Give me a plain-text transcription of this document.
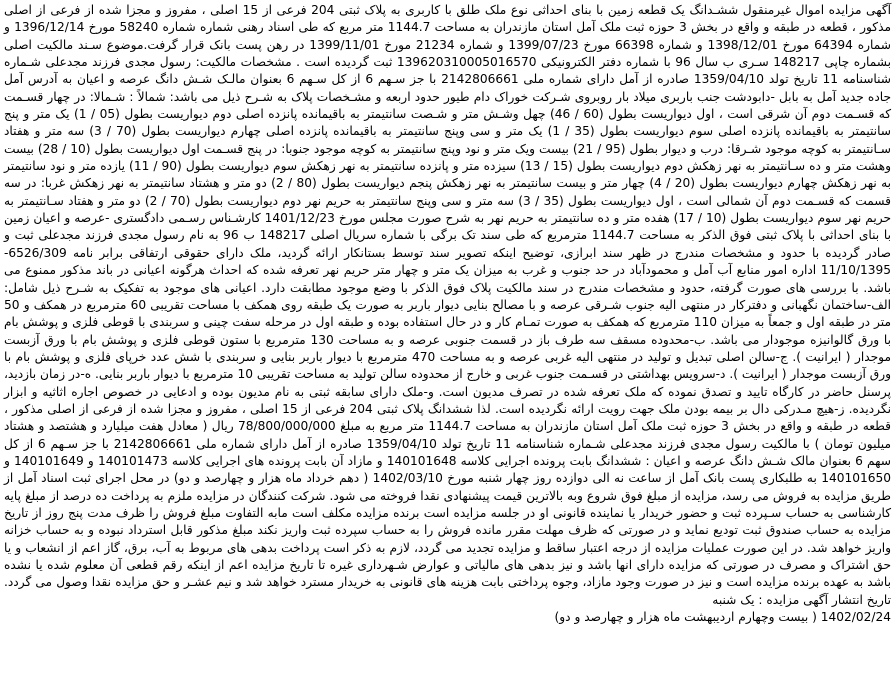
آگهی مزایده اموال غیرمنقول ششـدانگ یک قطعه زمین با بنای احداثی نوع ملک طلق با کاربری به پلاک ثبتی 204 فرعی از 15 اصلی ، مفروز و مجزا شده از فرعی از اصلی مذکور ، قطعه در طبقه و واقع در بخش 3 حوزه ثبت ملک آمل استان مازندران به مساحت 1144.7 متر مربع که طی اسناد رهنی شماره شماره 58240 مورخ 1396/12/14 و شماره 64394 مورخ 1398/12/01 و شماره 66398 مورخ 1399/07/23 و شماره 21234 مورخ 1399/11/01 در رهن پست بانک قرار گرفت.موضوع سـند مالکیت اصلی بشماره چاپی 148217 سـری ب سال 96 با شماره دفتر الکترونیکی 139620310005016570 ثبت گردیده است . مشخصات مالکیت: رسول مجدی فرزند مجدعلی شـماره شناسنامه 11 تاریخ تولد 1359/04/10 صادره از آمل دارای شماره ملی 2142806661 با جز سـهم 6 از کل سـهم 6 بعنوان مالـک شـش دانگ عرصه و اعیان به آدرس آمل جاده جدید آمل به بابل -دابودشت جنب باربری میلاد بار روبروی شـرکت خوراک دام طیور حدود اربعه و مشـخصات پلاک به شـرح ذیل می باشد: شمالاً : شـمالا: در چهار قسـمت که قسـمت دوم آن شرقی است ، اول دیواریست بطول (60 / 46) چهل وشـش متر و شـصت سانتیمتر به باقیمانده پانزده اصلی دوم دیواریست بطول (05 / 1) یک متر و پنج سانتیمتر به باقیمانده پانزده اصلی سوم دیواریست بطول (35 / 1) یک متر و سی وپنج سانتیمتر به باقیمانده پانزده اصلی چهارم دیواریست بطول (70 / 3) سه متر و هفتاد سـانتیمتر به کوچه موجود شـرقا: درب و دیوار بطول (95 / 21) بیست ویک متر و نود وپنج سانتیمتر به کوچه موجود جنوبا: در پنج قسـمت اول دیواریست بطول (10 / 28) بیست وهشت متر و ده سـانتیمتر به نهر زهکش دوم دیواریست بطول (15 / 13) سیزده متر و پانزده سانتیمتر به نهر زهکش سوم دیواریست بطول (90 / 11) یازده متر و نود سانتیمتر به نهر زهکش چهارم دیواریست بطول (20 / 4) چهار متر و بیست سانتیمتر به نهر زهکش پنجم دیواریست بطول (80 / 2) دو متر و هشتاد سانتیمتر به نهر زهکش غربا: در سه قسمت که قسـمت دوم آن شمالی است ، اول دیواریست بطول (35 / 3) سه متر و سی وپنج سانتیمتر به حریم نهر دوم دیواریست بطول (70 / 2) دو متر و هفتاد سـانتیمتر به حریم نهر سوم دیواریست بطول (10 / 17) هفده متر و ده سانتیمتر به حریم نهر به شرح صورت مجلس مورخ 1401/12/23 کارشـناس رسـمی دادگستری -عرصه و اعیان زمین با بنای احداثی با پلاک ثبتی فوق الذکر به مساحت 1144.7 مترمربع که طی سند تک برگی با شماره سریال اصلی 148217 ب 96 به نام رسول مجدی فرزند مجدعلی ثبت و صادر گردیده با حدود و مشخصات مندرج در ظهر سند ابرازی، توضیح اینکه تصویر سند توسط بستانکار ارائه گردید، ملک دارای حقوقی ارتفاقی برابر نامه 6526/309-11/10/1395 اداره امور منابع آب آمل و محمودآباد در حد جنوب و غرب به میزان یک متر و چهار متر حریم نهر تعرفه شده که احداث هرگونه اعیانی در باند مذکور ممنوع می باشد. با بررسی های صورت گرفته، حدود و مشخصات مندرج در سند مالکیت پلاک فوق الذکر با وضع موجود مطابقت دارد. اعیانی های موجود به تفکیک به شـرح ذیل شامل: الف-ساختمان نگهبانی و دفترکار در منتهی الیه جنوب شـرقی عرصه و با مصالح بنایی دیوار باربر به صورت یک طبقه روی همکف با مساحت تقریبی 60 مترمربع در همکف و 50 متر در طبقه اول و جمعاً به میزان 110 مترمربع که همکف به صورت تمـام کار و در حال استفاده بوده و طبقه اول در مرحله سفت چینی و سربندی با قوطی فلزی و پوشش بام با ورق گالوانیزه موجودار می باشد. ب-محدوده مسقف سه طرف باز در قسمت جنوبی عرصه و به مساحت 130 مترمربع با ستون قوطی فلزی و پوشش بام با ورق آزبست موجدار ( ایرانیت ). ج-سالن اصلی تبدیل و تولید در منتهی الیه غربی عرصه و به مساحت 470 مترمربع با دیوار باربر بنایی و سربندی با شش عدد خرپای فلزی و پوشش بام با ورق آزبست موجدار ( ایرانیت ). د-سرویس بهداشتی در قسـمت جنوب غربی و خارج از محدوده سالن تولید به مساحت تقریبی 10 مترمربع با دیوار باربر بنایی. ه-در زمان بازدید، پرسنل حاضر در کارگاه تایید و تصدق نموده که ملک تعرفه شده در تصرف مدیون است. و-ملک دارای سابقه ثبتی به نام مدیون بوده و ادعایی در خصوص اجاره اثاثیه و ابزار نگردیده. ز-هیچ مـدرکی دال بر بیمه بودن ملک جهت رویت ارائه نگردیده است. لذا ششدانگ پلاک ثبتی 204 فرعی از 15 اصلی ، مفروز و مجزا شده از فرعی از اصلی مذکور ، قطعه در طبقه و واقع در بخش 3 حوزه ثبت ملک آمل استان مازندران به مساحت 1144.7 متر مربع به مبلغ 78/800/000/000 ریال ( معادل هفت میلیارد و هشتصد و هشتاد میلیون تومان ) با مالکیت رسول مجدی فرزند مجدعلی شـماره شناسنامه 11 تاریخ تولد 1359/04/10 صادره از آمل دارای شماره ملی 2142806661 با جز سـهم 6 از کل سهم 6 بعنوان مالک شـش دانگ عرصه و اعیان : ششدانگ بابت پرونده اجرایی کلاسه 140101648 و مازاد آن بابت پرونده های اجرایی کلاسه 140101473 و 140101649 و 140101650 به طلبکاری پست بانک آمل از ساعت نه الی دوازده روز چهار شنبه مورخ 1402/03/10 ( دهم خرداد ماه هزار و چهارصد و دو) در محل اجرای ثبت اسناد آمل از طریق مزایده به فروش می رسد، مزایده از مبلغ فوق شروع وبه بالاترین قیمت پیشنهادی نقدا فروخته می شود. شرکت کنندگان در مزایده ملزم به پرداخت ده درصد از مبلغ پایه کارشناسی به حساب سـپرده ثبت و حضور خریدار یا نماینده قانونی او در جلسه مزایده است برنده مزایده مکلف است مابه التفاوت مبلغ فروش را ظرف مدت پنج روز از تاریخ مزایده به حساب صندوق ثبت تودیع نماید و در صورتی که ظرف مهلت مقرر مانده فروش را به حساب سپرده ثبت واریز نکند مبلغ مذکور قابل استرداد نبوده و به حساب خزانه واریز خواهد شد. در این صورت عملیات مزایده از درجه اعتبار ساقط و مزایده تجدید می گردد، لازم به ذکر است پرداخت بدهی های مربوط به آب، برق، گاز اعم از انشعاب و یا حق اشتراک و مصرف در صورتی که مزایده دارای انها باشد و نیز بدهی های مالیاتی و عوارض شـهرداری غیره تا تاریخ مزایده اعم از اینکه رقم قطعی آن معلوم شده یا نشده باشد به عهده برنده مزایده است و نیز در صورت وجود مازاد، وجوه پرداختی بابت هزینه های قانونی به خریدار مسترد خواهد شد و نیم عشـر و حق مزایده نقدا وصول می گردد. تاریخ انتشار آگهی مزایده : یک شنبه

1402/02/24 ( بیست وچهارم اردیبهشت ماه هزار و چهارصد و دو)
